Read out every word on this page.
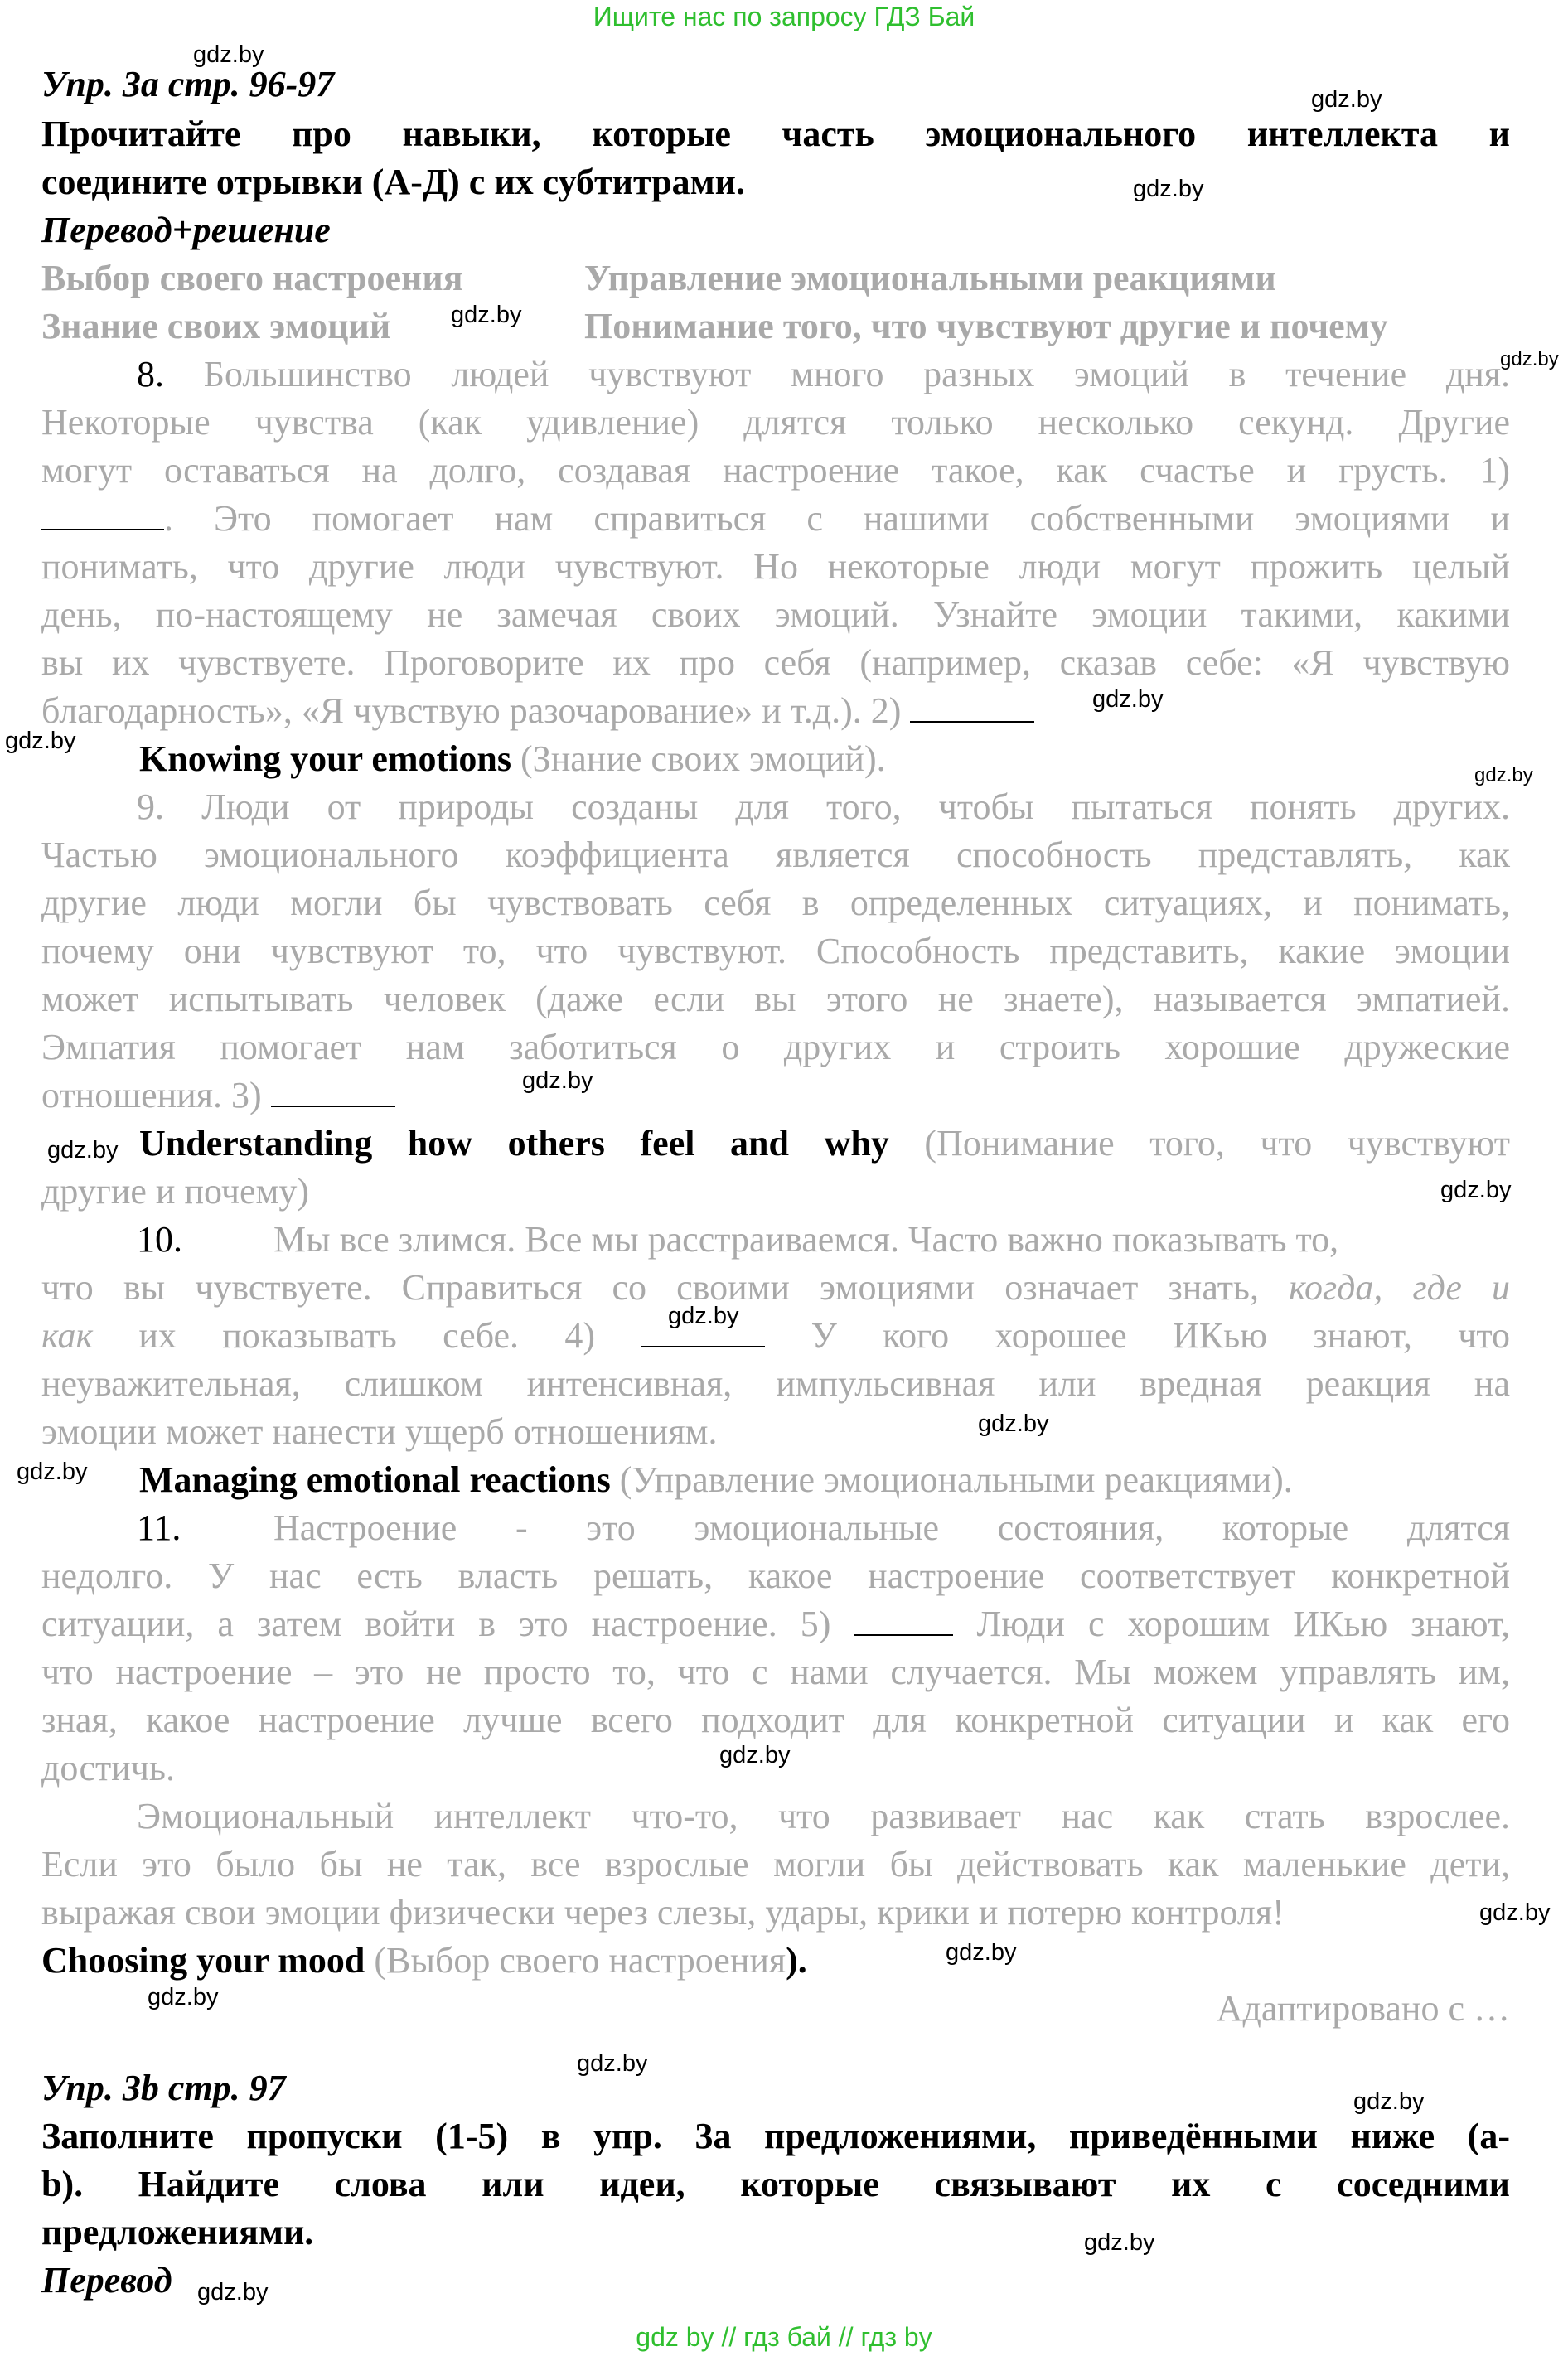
Ищите нас по запросу ГДЗ Бай
Упр. 3a стр. 96-97
Прочитайте про навыки, которые часть эмоционального интеллекта и
соедините отрывки (А-Д) с их субтитрами.
Перевод+решение
Выбор своего настроения	Управление эмоциональными реакциями
Знание своих эмоций	Понимание того, что чувствуют другие и почему
8. Большинство людей чувствуют много разных эмоций в течение дня.
Некоторые чувства (как удивление) длятся только несколько секунд. Другие
могут оставаться на долго, создавая настроение такое, как счастье и грусть. 1)
. Это помогает нам справиться с нашими собственными эмоциями и
понимать, что другие люди чувствуют. Но некоторые люди могут прожить целый
день, по-настоящему не замечая своих эмоций. Узнайте эмоции такими, какими
вы их чувствуете. Проговорите их про себя (например, сказав себе: «Я чувствую
благодарность», «Я чувствую разочарование» и т.д.). 2)
Knowing your emotions (Знание своих эмоций).
9. Люди от природы созданы для того, чтобы пытаться понять других.
Частью эмоционального коэффициента является способность представлять, как
другие люди могли бы чувствовать себя в определенных ситуациях, и понимать,
почему они чувствуют то, что чувствуют. Способность представить, какие эмоции
может испытывать человек (даже если вы этого не знаете), называется эмпатией.
Эмпатия помогает нам заботиться о других и строить хорошие дружеские
отношения. 3)
Understanding how others feel and why (Понимание того, что чувствуют
другие и почему)
10.	Мы все злимся. Все мы расстраиваемся. Часто важно показывать то,
что вы чувствуете. Справиться со своими эмоциями означает знать, когда, где и
как их показывать себе. 4)	У кого хорошее ИКью знают, что
неуважительная, слишком интенсивная, импульсивная или вредная реакция на
эмоции может нанести ущерб отношениям.
Managing emotional reactions (Управление эмоциональными реакциями).
11.	Настроение - это эмоциональные состояния, которые длятся
недолго. У нас есть власть решать, какое настроение соответствует конкретной
ситуации, а затем войти в это настроение. 5)	Люди с хорошим ИКью знают,
что настроение – это не просто то, что с нами случается. Мы можем управлять им,
зная, какое настроение лучше всего подходит для конкретной ситуации и как его
достичь.
Эмоциональный интеллект что-то, что развивает нас как стать взрослее.
Если это было бы не так, все взрослые могли бы действовать как маленькие дети,
выражая свои эмоции физически через слезы, удары, крики и потерю контроля!
Choosing your mood (Выбор своего настроения).
Адаптировано с …
Упр. 3b стр. 97
Заполните пропуски (1-5) в упр. 3a предложениями, приведёнными ниже (a-
b). Найдите слова или идеи, которые связывают их с соседними
предложениями.
Перевод
gdz.by
gdz.by
gdz.by
gdz.by
gdz.by
gdz.by
gdz.by
gdz.by
gdz.by
gdz.by
gdz.by
gdz.by
gdz.by
gdz.by
gdz.by
gdz.by
gdz.by
gdz.by
gdz.by
gdz.by
gdz.by
gdz.by
gdz by // гдз бай // гдз by
